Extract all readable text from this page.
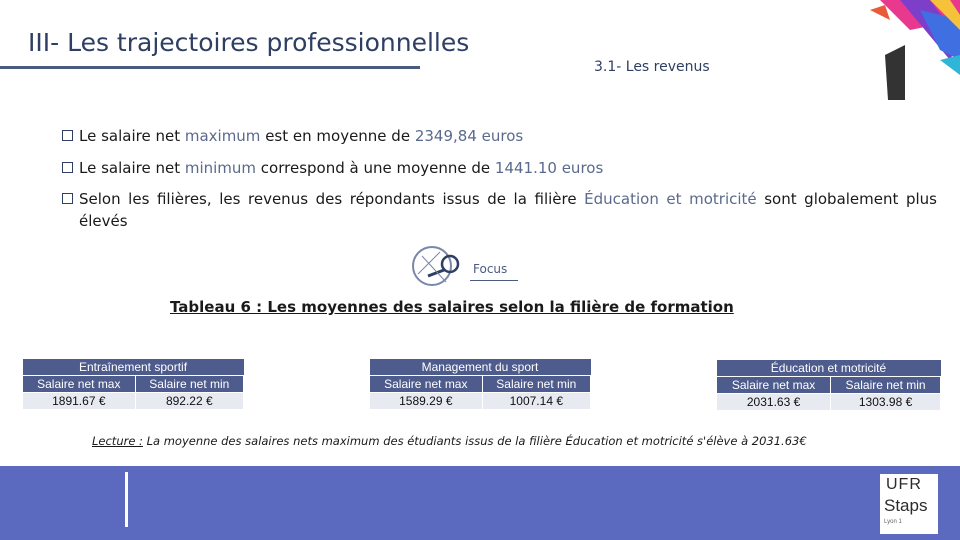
III- Les trajectoires professionnelles
3.1- Les revenus
Le salaire net maximum est en moyenne de 2349,84 euros
Le salaire net minimum correspond à une moyenne de 1441.10 euros
Selon les filières, les revenus des répondants issus de la filière Éducation et motricité sont globalement plus élevés
Focus
Tableau 6 : Les moyennes des salaires selon la filière de formation
Entraînement sportif	
Salaire net max	Salaire net min
1891.67 €	892.22 €
Management du sport	
Salaire net max	Salaire net min
1589.29 €	1007.14 €
Éducation et motricité	
Salaire net max	Salaire net min
2031.63 €	1303.98 €
Lecture : La moyenne des salaires nets maximum des étudiants issus de la filière Éducation et motricité s'élève à 2031.63€
UFR
Staps
Lyon 1
